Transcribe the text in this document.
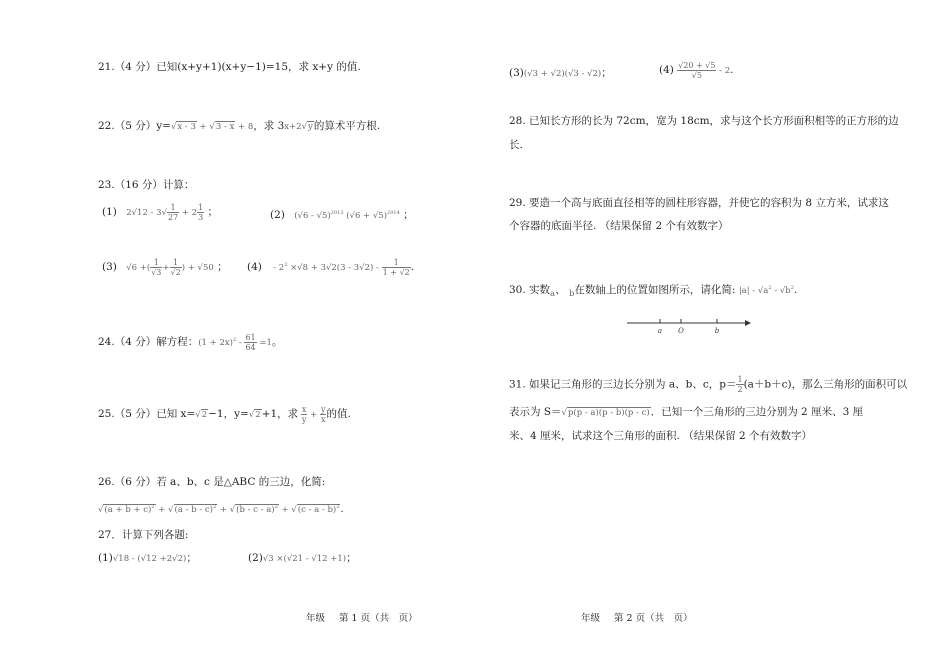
21.（4 分）已知(x+y+1)(x+y−1)=15，求 x+y 的值.
22.（5 分）y=√x - 3 + √3 - x + 8，求 3x+2√y的算术平方根.
23.（16 分）计算：
(1) $2√12 - 3√ \frac{1}{27} + 2 \frac{1}{3}$ ；	(2) (√6 - √5)$^{2013}$ $(√6 + √5)^{2014}$ ；
(3) √6 +( $\frac{1}{√3} + \frac{1}{√2}$ ) + √50 ； $(4) - 2^2 \times√8 + 3√2(3 - 3√2) - \frac{1}{1 + √2}$ .
24.（4 分）解方程：$(1 + 2x)^2 - \frac{61}{64} =1$。
25.（5 分）已知 x=√2−1，y=√2+1，求 $\frac{x}{y} + \frac{y}{x}$ 的值.
26.（6 分）若 a、b、c 是△ABC 的三边，化简:
$√(a + b + c)^2 + √(a - b - c)^2 + √(b - c - a)^2 + √(c - a - b)^2$.
27．计算下列各题:
(1)√18 - (√12 +2√2)；	(2)√3 ×(√21 - √12 +1)；
年级 第 1 页（共　页）
(3)(√3 + √2)(√3 - √2)；	$(4) \frac{√20 + √5}{√5} - 2$.
28. 已知长方形的长为 72cm，宽为 18cm，求与这个长方形面积相等的正方形的边
长.
29. 要造一个高与底面直径相等的圆柱形容器，并使它的容积为 8 立方米，试求这
个容器的底面半径. （结果保留 2 个有效数字）
30. 实数$_a$、 $_b$在数轴上的位置如图所示，请化简: $|a| - √a^2 - √b^2$.
a O	b
31. 如果记三角形的三边长分别为 a、b、c，$p= \frac{1}{2} (a+b+c)$，那么三角形的面积可以
表示为 S＝√p(p - a)(p - b)(p - c)．已知一个三角形的三边分别为 2 厘米、3 厘
米、4 厘米，试求这个三角形的面积. （结果保留 2 个有效数字）
年级 第 2 页（共　页）
